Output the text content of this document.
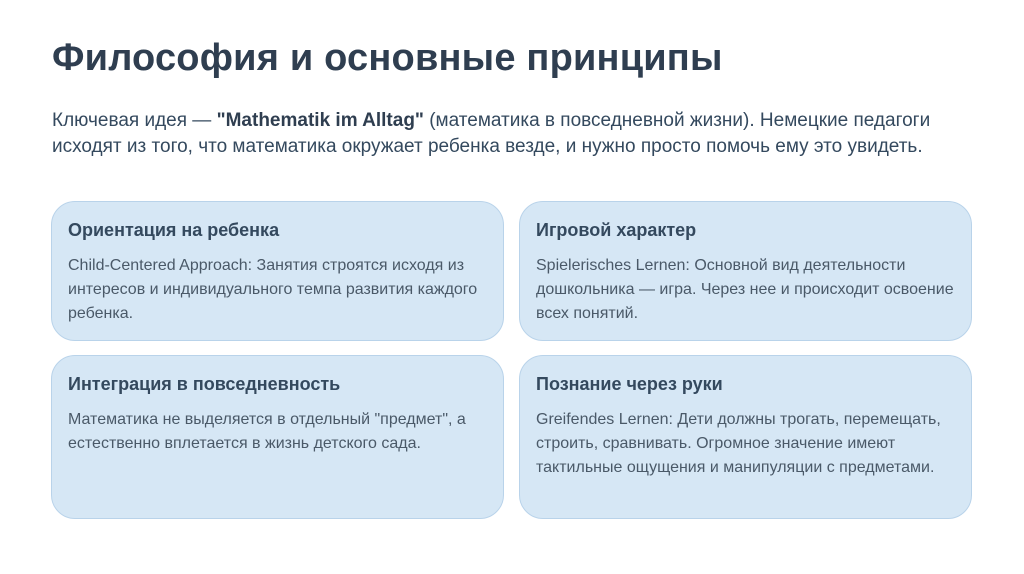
Философия и основные принципы

Ключевая идея — "Mathematik im Alltag" (математика в повседневной жизни). Немецкие педагоги исходят из того, что математика окружает ребенка везде, и нужно просто помочь ему это увидеть.

Ориентация на ребенка

Child-Centered Approach: Занятия строятся исходя из интересов и индивидуального темпа развития каждого ребенка.

Игровой характер

Spielerisches Lernen: Основной вид деятельности дошкольника — игра. Через нее и происходит освоение всех понятий.

Интеграция в повседневность

Математика не выделяется в отдельный "предмет", а естественно вплетается в жизнь детского сада.

Познание через руки

Greifendes Lernen: Дети должны трогать, перемещать, строить, сравнивать. Огромное значение имеют тактильные ощущения и манипуляции с предметами.
